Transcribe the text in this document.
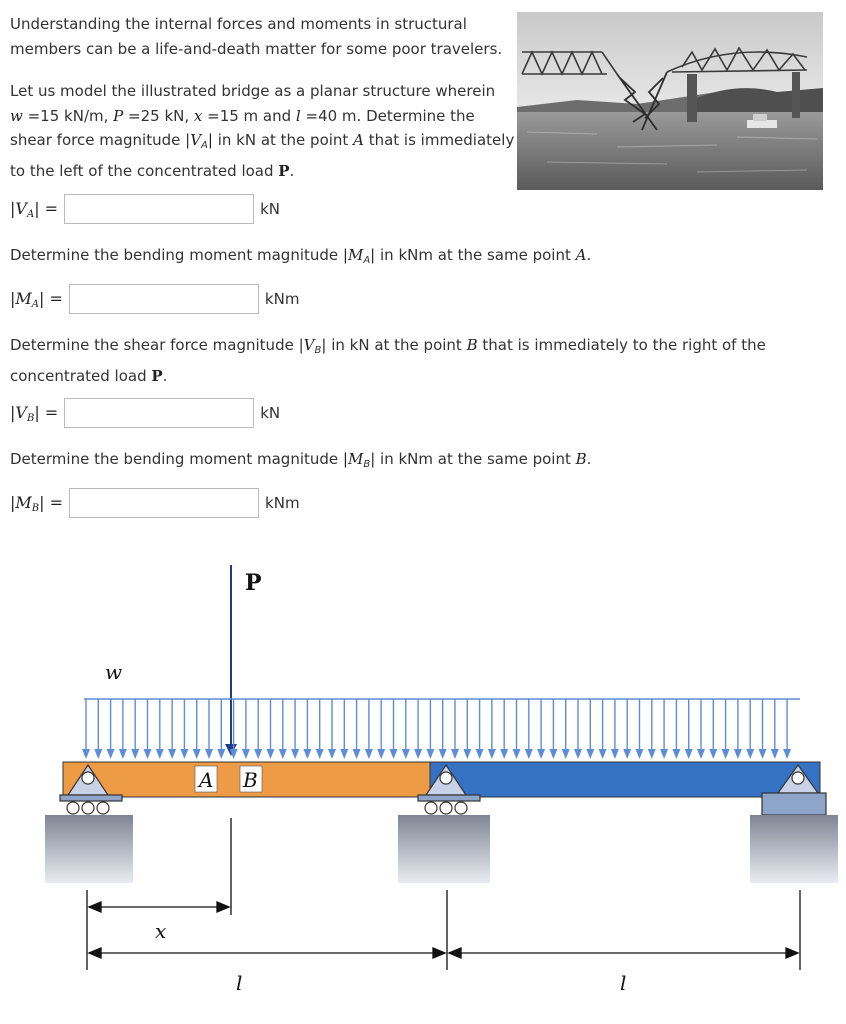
Understanding the internal forces and moments in structural
members can be a life-and-death matter for some poor travelers.
Let us model the illustrated bridge as a planar structure wherein
w =15 kN/m, P =25 kN, x =15 m and l =40 m. Determine the
shear force magnitude $|V_A|$ in kN at the point A that is immediately
to the left of the concentrated load P.
$|V_A|$ =	kN
Determine the bending moment magnitude $|M_A|$ in kNm at the same point A.
$|M_A|$ =	kNm
Determine the shear force magnitude $|V_B|$ in kN at the point B that is immediately to the right of the
concentrated load P.
$|V_B|$ =	kN
Determine the bending moment magnitude $|M_B|$ in kNm at the same point B.
$|M_B|$ =	kNm
P
w
A B
x
l	l
